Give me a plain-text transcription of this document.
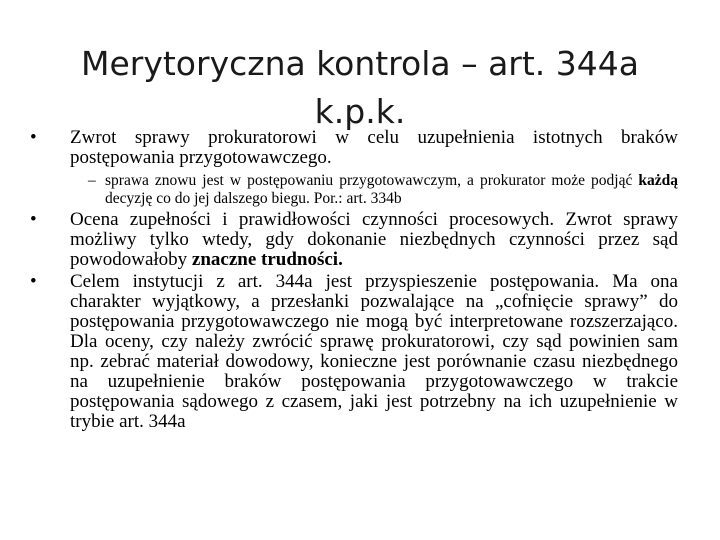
Merytoryczna kontrola – art. 344a k.p.k.
• Zwrot sprawy prokuratorowi w celu uzupełnienia istotnych braków postępowania przygotowawczego.
– sprawa znowu jest w postępowaniu przygotowawczym, a prokurator może podjąć każdą decyzję co do jej dalszego biegu. Por.: art. 334b
• Ocena zupełności i prawidłowości czynności procesowych. Zwrot sprawy możliwy tylko wtedy, gdy dokonanie niezbędnych czynności przez sąd powodowałoby znaczne trudności.
• Celem instytucji z art. 344a jest przyspieszenie postępowania. Ma ona charakter wyjątkowy, a przesłanki pozwalające na „cofnięcie sprawy” do postępowania przygotowawczego nie mogą być interpretowane rozszerzająco. Dla oceny, czy należy zwrócić sprawę prokuratorowi, czy sąd powinien sam np. zebrać materiał dowodowy, konieczne jest porównanie czasu niezbędnego na uzupełnienie braków postępowania przygotowawczego w trakcie postępowania sądowego z czasem, jaki jest potrzebny na ich uzupełnienie w trybie art. 344a
